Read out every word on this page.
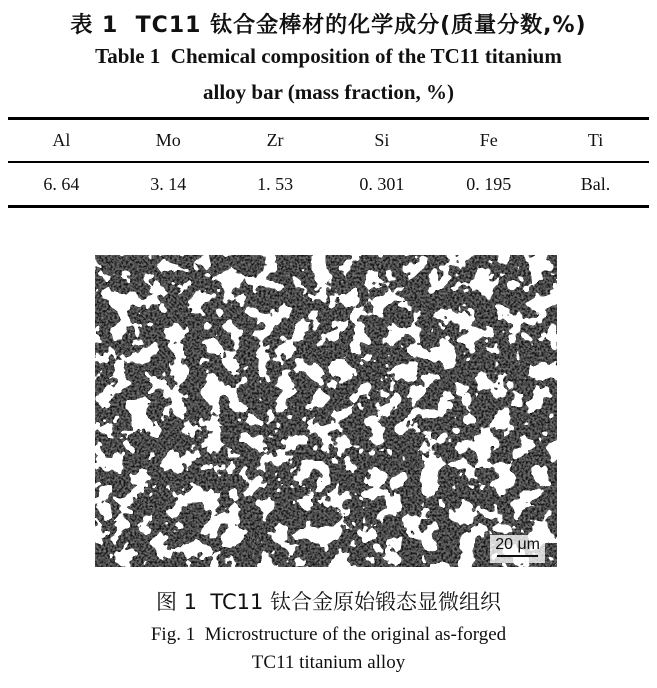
表 1  TC11 钛合金棒材的化学成分(质量分数,%)
Table 1  Chemical composition of the TC11 titanium
alloy bar (mass fraction, %)
Al	Mo	Zr	Si	Fe	Ti
6. 64	3. 14	1. 53	0. 301	0. 195	Bal.
20 μm
图 1  TC11 钛合金原始锻态显微组织
Fig. 1  Microstructure of the original as-forged
TC11 titanium alloy
